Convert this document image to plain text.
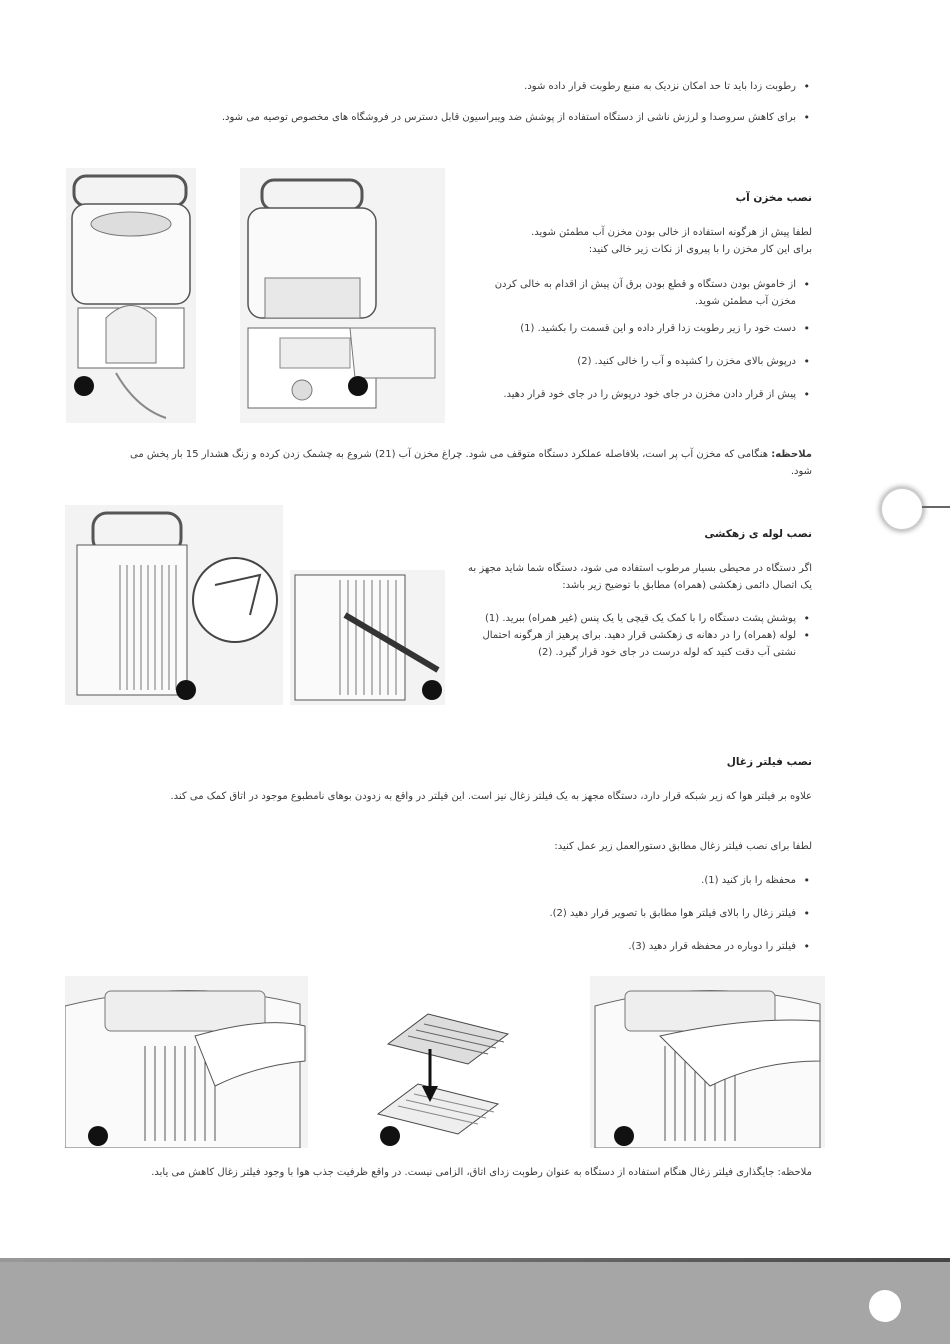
• رطوبت زدا باید تا حد امکان نزدیک به منبع رطوبت قرار داده شود.
• برای کاهش سروصدا و لرزش ناشی از دستگاه استفاده از پوشش ضد ویبراسیون قابل دسترس در فروشگاه های مخصوص توصیه می شود.
نصب مخزن آب
لطفا پیش از هرگونه استفاده از خالی بودن مخزن آب مطمئن شوید.
برای این کار مخزن را با پیروی از نکات زیر خالی کنید:
• از خاموش بودن دستگاه و قطع بودن برق آن پیش از اقدام به خالی کردن مخزن آب مطمئن شوید.
• دست خود را زیر رطوبت زدا قرار داده و این قسمت را بکشید. (1)
• درپوش بالای مخزن را کشیده و آب را خالی کنید. (2)
• پیش از قرار دادن مخزن در جای خود درپوش را در جای خود قرار دهید.
ملاحظه: هنگامی که مخزن آب پر است، بلافاصله عملکرد دستگاه متوقف می شود. چراغ مخزن آب (21) شروع به چشمک زدن کرده و زنگ هشدار 15 بار پخش می شود.
نصب لوله ی زهکشی
اگر دستگاه در محیطی بسیار مرطوب استفاده می شود، دستگاه شما شاید مجهز به یک اتصال دائمی زهکشی (همراه) مطابق با توضیح زیر باشد:
• پوشش پشت دستگاه را با کمک یک قیچی یا یک پنس (غیر همراه) ببرید. (1)
• لوله (همراه) را در دهانه ی زهکشی قرار دهید. برای پرهیز از هرگونه احتمال نشتی آب دقت کنید که لوله درست در جای خود قرار گیرد. (2)
نصب فیلتر زغال
علاوه بر فیلتر هوا که زیر شبکه قرار دارد، دستگاه مجهز به یک فیلتر زغال نیز است. این فیلتر در واقع به زدودن بوهای نامطبوع موجود در اتاق کمک می کند.
لطفا برای نصب فیلتر زغال مطابق دستورالعمل زیر عمل کنید:
• محفظه را باز کنید (1).
• فیلتر زغال را بالای فیلتر هوا مطابق با تصویر قرار دهید (2).
• فیلتر را دوباره در محفظه قرار دهید (3).
ملاحظه: جایگذاری فیلتر زغال هنگام استفاده از دستگاه به عنوان رطوبت زدای اتاق، الزامی نیست. در واقع ظرفیت جذب هوا با وجود فیلتر زغال کاهش می یابد.
